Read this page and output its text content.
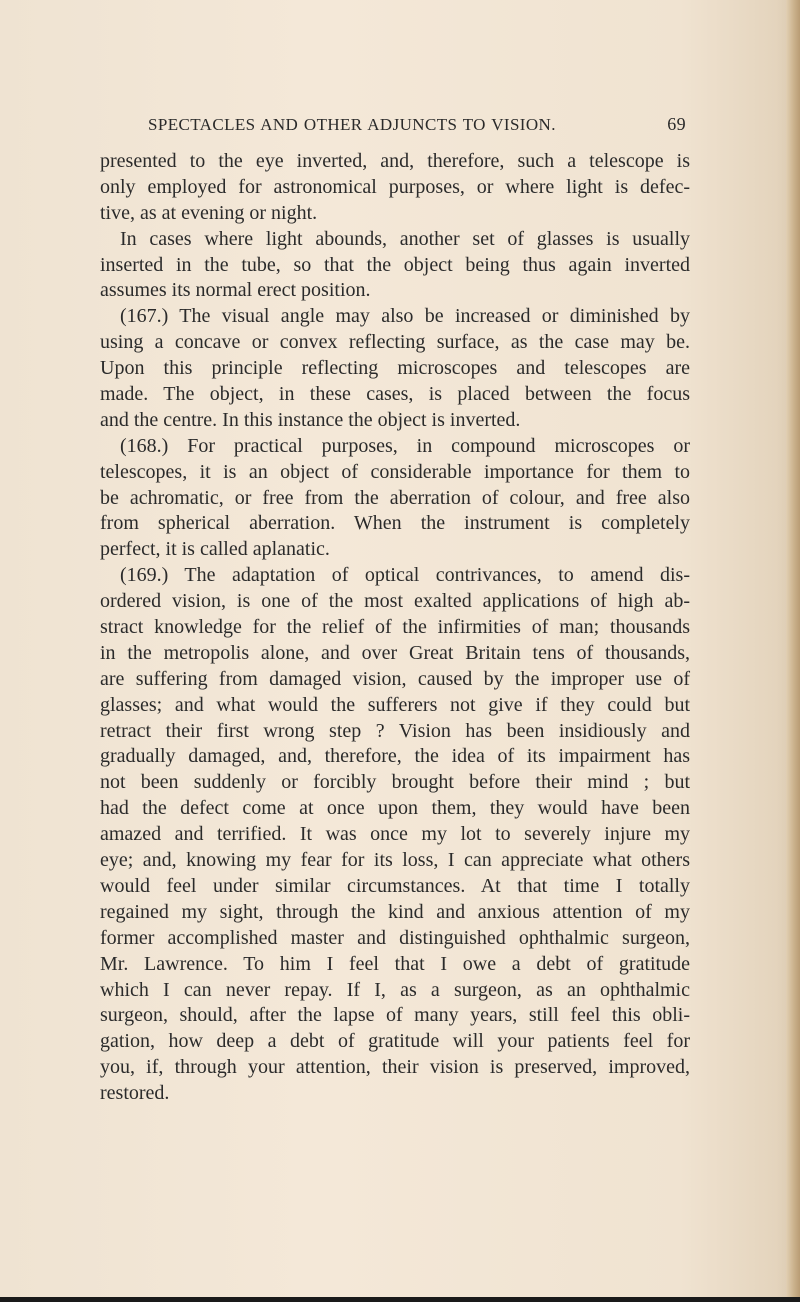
SPECTACLES AND OTHER ADJUNCTS TO VISION.	69
presented to the eye inverted, and, therefore, such a telescope is
only employed for astronomical purposes, or where light is defec-
tive, as at evening or night.
In cases where light abounds, another set of glasses is usually
inserted in the tube, so that the object being thus again inverted
assumes its normal erect position.
(167.) The visual angle may also be increased or diminished by
using a concave or convex reflecting surface, as the case may be.
Upon this principle reflecting microscopes and telescopes are
made. The object, in these cases, is placed between the focus
and the centre. In this instance the object is inverted.
(168.) For practical purposes, in compound microscopes or
telescopes, it is an object of considerable importance for them to
be achromatic, or free from the aberration of colour, and free also
from spherical aberration. When the instrument is completely
perfect, it is called aplanatic.
(169.) The adaptation of optical contrivances, to amend dis-
ordered vision, is one of the most exalted applications of high ab-
stract knowledge for the relief of the infirmities of man; thousands
in the metropolis alone, and over Great Britain tens of thousands,
are suffering from damaged vision, caused by the improper use of
glasses; and what would the sufferers not give if they could but
retract their first wrong step ? Vision has been insidiously and
gradually damaged, and, therefore, the idea of its impairment has
not been suddenly or forcibly brought before their mind ; but
had the defect come at once upon them, they would have been
amazed and terrified. It was once my lot to severely injure my
eye; and, knowing my fear for its loss, I can appreciate what others
would feel under similar circumstances. At that time I totally
regained my sight, through the kind and anxious attention of my
former accomplished master and distinguished ophthalmic surgeon,
Mr. Lawrence. To him I feel that I owe a debt of gratitude
which I can never repay. If I, as a surgeon, as an ophthalmic
surgeon, should, after the lapse of many years, still feel this obli-
gation, how deep a debt of gratitude will your patients feel for
you, if, through your attention, their vision is preserved, improved,
restored.
